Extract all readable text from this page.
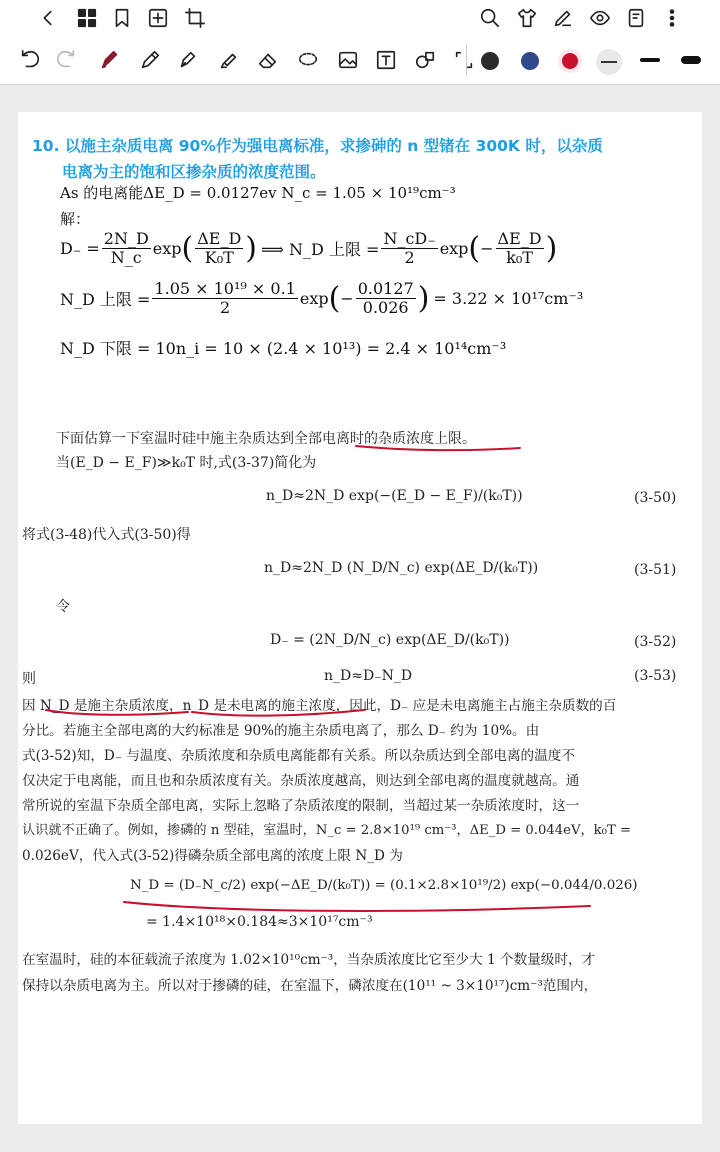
10. 以施主杂质电离 90%作为强电离标准，求掺砷的 n 型锗在 300K 时，以杂质
电离为主的饱和区掺杂质的浓度范围。
As 的电离能ΔE_D = 0.0127ev N_c = 1.05 × 10¹⁹cm⁻³
解：
$D_- = \frac{2N\_D}{N\_c}$ exp ( $\frac{\Delta E\_D}{\text{K₀T}}$ ) ⟹ N_D 上限 = $\frac{N\_cD_-}{2}$ exp ( − $\frac{\Delta E\_D}{\text{k₀T}}$ )
N_D 上限 = $\frac{\text{1.05 × 10¹⁹ × 0.1}}{2}$ exp ( − $\frac{0.0127}{0.026}$ ) = 3.22 × 10¹⁷cm⁻³
N_D 下限 = 10n_i = 10 × (2.4 × 10¹³) = 2.4 × 10¹⁴cm⁻³
下面估算一下室温时硅中施主杂质达到全部电离时的杂质浓度上限。
当(E_D − E_F)≫k₀T 时,式(3-37)简化为
n_D≈2N_D exp(−(E_D − E_F)/(k₀T))	(3-50)
将式(3-48)代入式(3-50)得
n_D≈2N_D (N_D/N_c) exp(ΔE_D/(k₀T))	(3-51)
令
D₋ = (2N_D/N_c) exp(ΔE_D/(k₀T))	(3-52)
则	n_D≈D₋N_D	(3-53)
因 N_D 是施主杂质浓度，n_D 是未电离的施主浓度，因此，D₋ 应是未电离施主占施主杂质数的百
分比。若施主全部电离的大约标准是 90%的施主杂质电离了，那么 D₋ 约为 10%。由
式(3-52)知，D₋ 与温度、杂质浓度和杂质电离能都有关系。所以杂质达到全部电离的温度不
仅决定于电离能，而且也和杂质浓度有关。杂质浓度越高，则达到全部电离的温度就越高。通
常所说的室温下杂质全部电离，实际上忽略了杂质浓度的限制，当超过某一杂质浓度时，这一
认识就不正确了。例如，掺磷的 n 型硅，室温时，N_c = 2.8×10¹⁹ cm⁻³，ΔE_D = 0.044eV，k₀T =
0.026eV，代入式(3-52)得磷杂质全部电离的浓度上限 N_D 为
N_D = (D₋N_c/2) exp(−ΔE_D/(k₀T)) = (0.1×2.8×10¹⁹/2) exp(−0.044/0.026)
= 1.4×10¹⁸×0.184≈3×10¹⁷cm⁻³
在室温时，硅的本征载流子浓度为 1.02×10¹⁰cm⁻³，当杂质浓度比它至少大 1 个数量级时，才
保持以杂质电离为主。所以对于掺磷的硅，在室温下，磷浓度在(10¹¹ ~ 3×10¹⁷)cm⁻³范围内，
学习 Ⅲ 讲 课堂 ⅡⅢ
